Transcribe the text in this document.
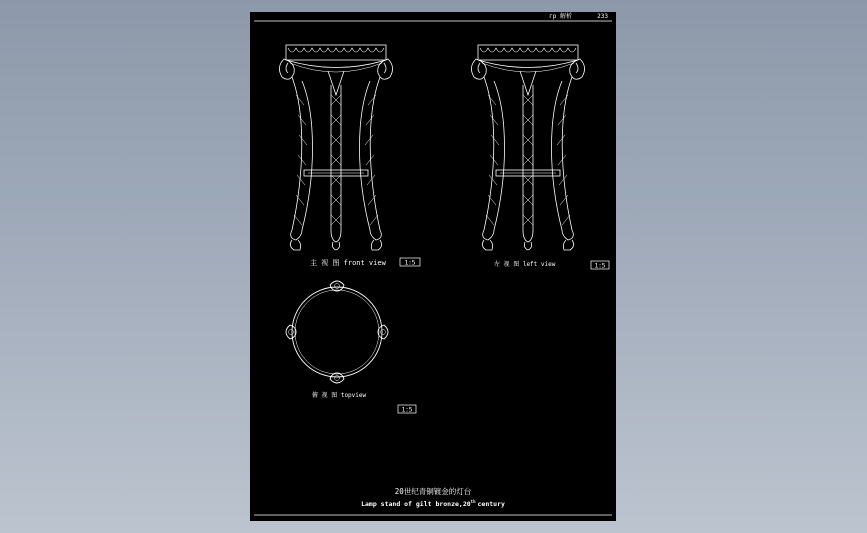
гр 解析	233
主 视 图 front view	1:5	左 视 图 left view	1:5
俯 视 图 topview
1:5
20世纪青铜镀金的灯台
Lamp stand of gilt bronze,20th century
